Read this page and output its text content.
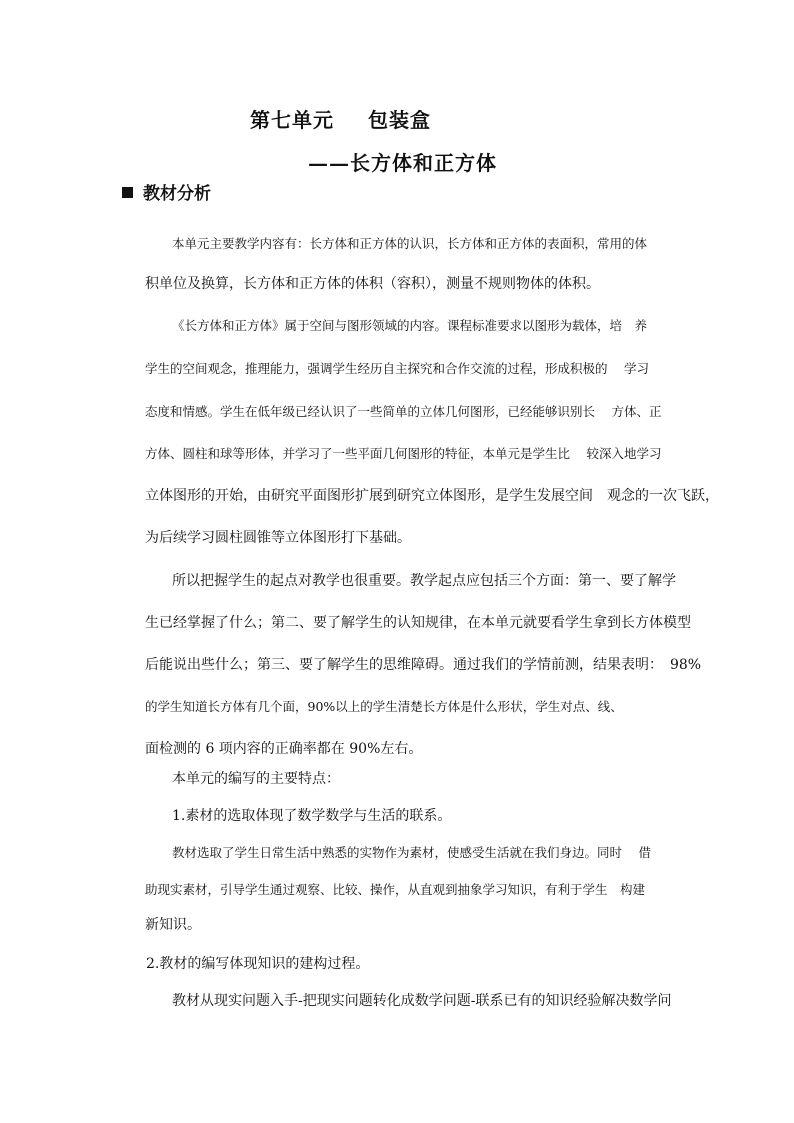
第七单元 包装盒
——长方体和正方体
教材分析
本单元主要教学内容有：长方体和正方体的认识，长方体和正方体的表面积，常用的体
积单位及换算，长方体和正方体的体积（容积），测量不规则物体的体积。
《长方体和正方体》属于空间与图形领域的内容。课程标准要求以图形为载体，培　养
学生的空间观念，推理能力，强调学生经历自主探究和合作交流的过程，形成积极的　 学习
态度和情感。学生在低年级已经认识了一些简单的立体几何图形，已经能够识别长　 方体、正
方体、圆柱和球等形体，并学习了一些平面几何图形的特征，本单元是学生比　 较深入地学习
立体图形的开始，由研究平面图形扩展到研究立体图形，是学生发展空间　观念的一次飞跃，
为后续学习圆柱圆锥等立体图形打下基础。
所以把握学生的起点对教学也很重要。教学起点应包括三个方面：第一、要了解学
生已经掌握了什么；第二、要了解学生的认知规律，在本单元就要看学生拿到长方体模型
后能说出些什么；第三、要了解学生的思维障碍。通过我们的学情前测，结果表明：　98%
的学生知道长方体有几个面，90%以上的学生清楚长方体是什么形状，学生对点、线、
面检测的 6 项内容的正确率都在 90%左右。
本单元的编写的主要特点：
1.素材的选取体现了数学数学与生活的联系。
教材选取了学生日常生活中熟悉的实物作为素材，使感受生活就在我们身边。同时　 借
助现实素材，引导学生通过观察、比较、操作，从直观到抽象学习知识，有利于学生　构建
新知识。
2.教材的编写体现知识的建构过程。
教材从现实问题入手-把现实问题转化成数学问题-联系已有的知识经验解决数学问
